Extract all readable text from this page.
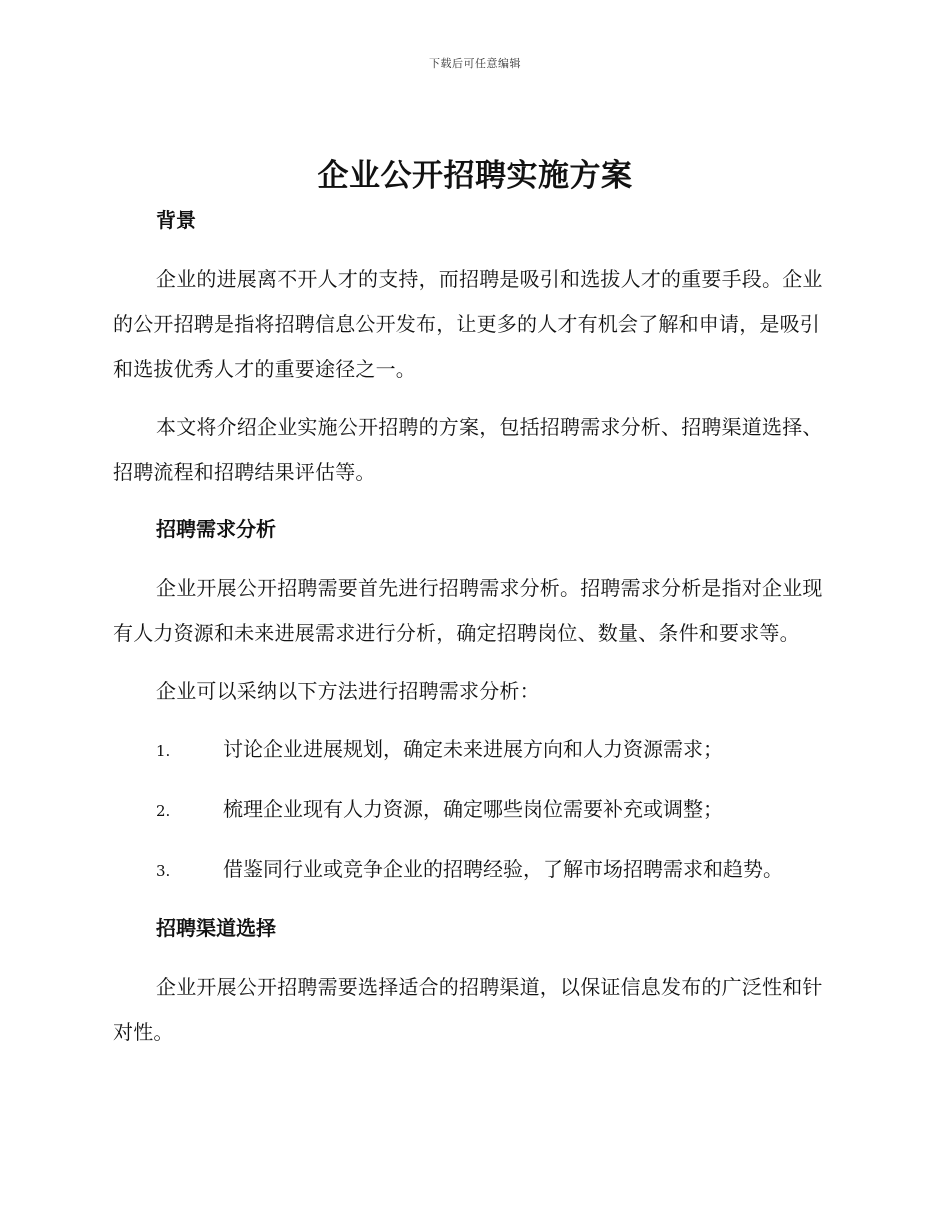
下载后可任意编辑
企业公开招聘实施方案
背景

企业的进展离不开人才的支持，而招聘是吸引和选拔人才的重要手段。企业的公开招聘是指将招聘信息公开发布，让更多的人才有机会了解和申请，是吸引和选拔优秀人才的重要途径之一。

本文将介绍企业实施公开招聘的方案，包括招聘需求分析、招聘渠道选择、招聘流程和招聘结果评估等。

招聘需求分析

企业开展公开招聘需要首先进行招聘需求分析。招聘需求分析是指对企业现有人力资源和未来进展需求进行分析，确定招聘岗位、数量、条件和要求等。

企业可以采纳以下方法进行招聘需求分析：

1.	讨论企业进展规划，确定未来进展方向和人力资源需求；
2.	梳理企业现有人力资源，确定哪些岗位需要补充或调整；
3.	借鉴同行业或竞争企业的招聘经验，了解市场招聘需求和趋势。
招聘渠道选择

企业开展公开招聘需要选择适合的招聘渠道，以保证信息发布的广泛性和针对性。
